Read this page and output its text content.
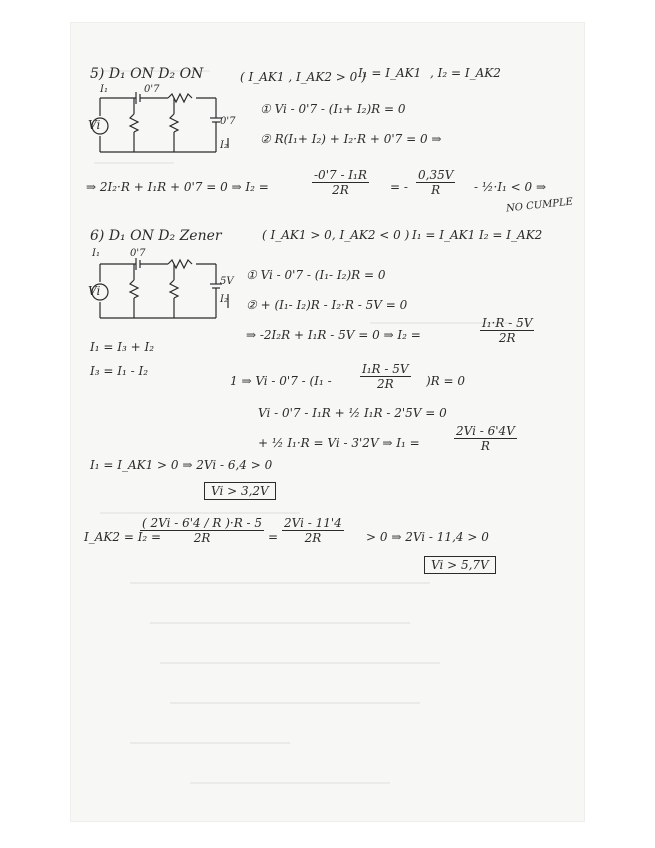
5) D₁ ON D₂ ON	( I_AK1 , I_AK2 > 0 )
I₁ = I_AK1 , I₂ = I_AK2
I₁	0'7
Vi	0'7
I₂
① Vi - 0'7 - (I₁+ I₂)R = 0
② R(I₁+ I₂) + I₂·R + 0'7 = 0 ⇒
⇒ 2I₂·R + I₁R + 0'7 = 0 ⇒ I₂ =	$\frac{\text{-0'7 - I₁R}}{2R}$ = - $\frac{0,35V}{R}$ - ½·I₁ < 0 ⇒
NO CUMPLE
6) D₁ ON D₂ Zener	( I_AK1 > 0, I_AK2 < 0 ) I₁ = I_AK1 I₂ = I_AK2
I₁	0'7
Vi
5V
I₂
① Vi - 0'7 - (I₁- I₂)R = 0
② + (I₁- I₂)R - I₂·R - 5V = 0
⇒ -2I₂R + I₁R - 5V = 0 ⇒ I₂ =	$\frac{\text{I₁·R - 5V}}{2R}$
I₁ = I₃ + I₂
I₃ = I₁ - I₂
1 ⇒ $Vi - 0'7 - (I_1 - \frac{\text{I₁R - 5V}}{2R} )R = 0$
Vi - 0'7 - I₁R + ½ I₁R - 2'5V = 0
+ ½ I₁·R = Vi - 3'2V ⇒ I₁ =	$\frac{2Vi - 6'4V}{R}$
I₁ = I_AK1 > 0 ⇒ 2Vi - 6,4 > 0
Vi > 3,2V
I_AK2 = I₂ =
$\frac{( 2Vi - 6'4 / R )\cdot R - 5}{2R} = \frac{2Vi - 11'4}{2R} > 0$ ⇒ 2Vi - 11,4 > 0
Vi > 5,7V
